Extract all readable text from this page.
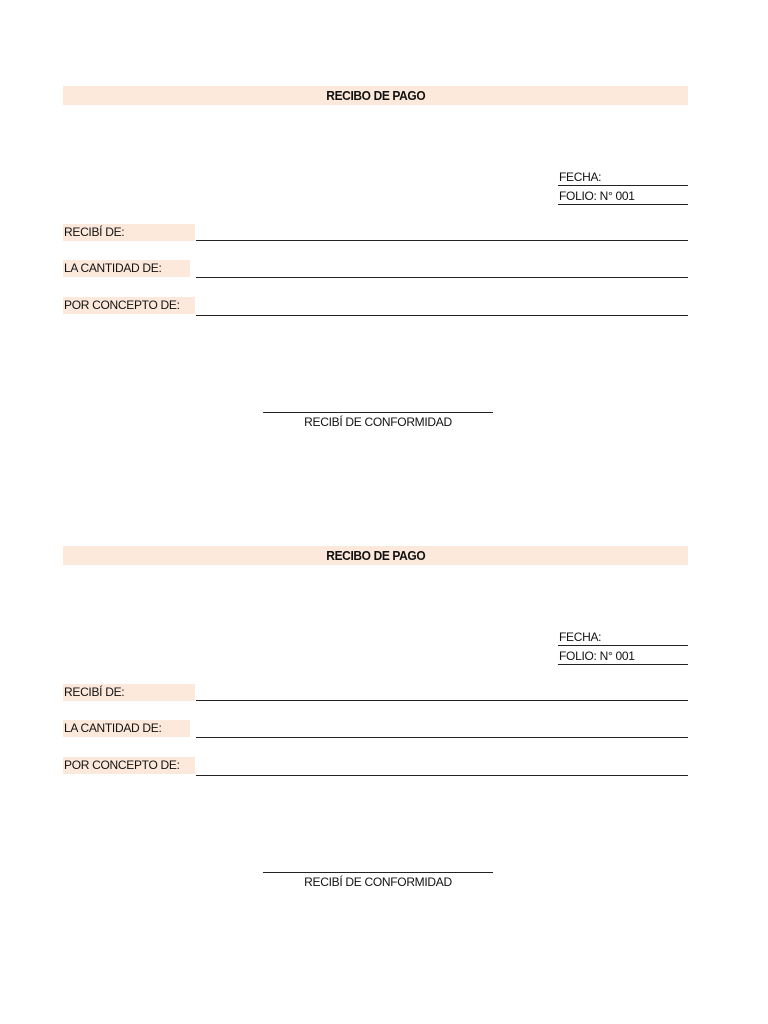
RECIBO DE PAGO
FECHA:
FOLIO: N° 001
RECIBÍ DE:
LA CANTIDAD DE:
POR CONCEPTO DE:
RECIBÍ DE CONFORMIDAD
RECIBO DE PAGO
FECHA:
FOLIO: N° 001
RECIBÍ DE:
LA CANTIDAD DE:
POR CONCEPTO DE:
RECIBÍ DE CONFORMIDAD
